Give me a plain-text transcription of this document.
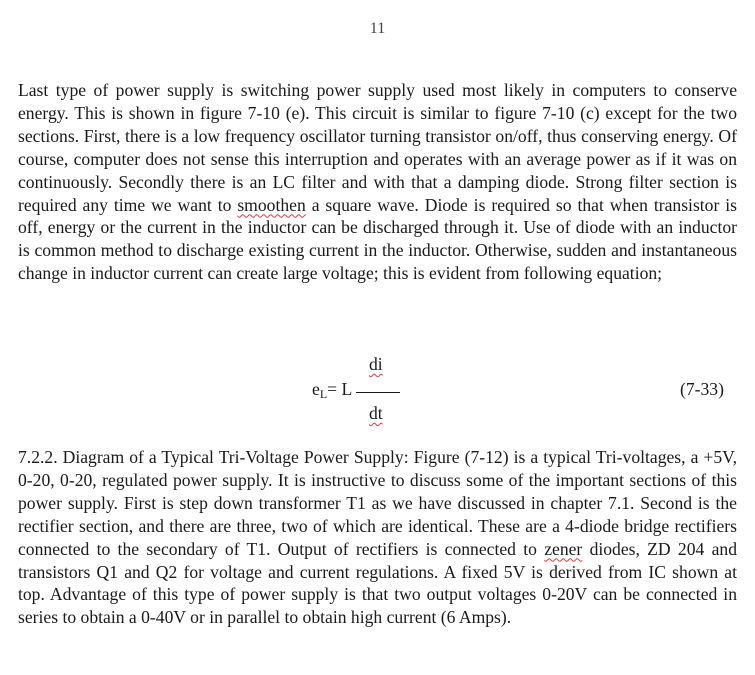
11

Last type of power supply is switching power supply used most likely in computers to conserve energy. This is shown in figure 7-10 (e). This circuit is similar to figure 7-10 (c) except for the two sections. First, there is a low frequency oscillator turning transistor on/off, thus conserving energy. Of course, computer does not sense this interruption and operates with an average power as if it was on continuously. Secondly there is an LC filter and with that a damping diode. Strong filter section is required any time we want to smoothen a square wave. Diode is required so that when transistor is off, energy or the current in the inductor can be discharged through it. Use of diode with an inductor is common method to discharge existing current in the inductor. Otherwise, sudden and instantaneous change in inductor current can create large voltage; this is evident from following equation;

eL= L
di
dt
(7-33)

7.2.2. Diagram of a Typical Tri-Voltage Power Supply: Figure (7-12) is a typical Tri-voltages, a +5V, 0-20, 0-20, regulated power supply. It is instructive to discuss some of the important sections of this power supply. First is step down transformer T1 as we have discussed in chapter 7.1. Second is the rectifier section, and there are three, two of which are identical. These are a 4-diode bridge rectifiers connected to the secondary of T1. Output of rectifiers is connected to zener diodes, ZD 204 and transistors Q1 and Q2 for voltage and current regulations. A fixed 5V is derived from IC shown at top. Advantage of this type of power supply is that two output voltages 0-20V can be connected in series to obtain a 0-40V or in parallel to obtain high current (6 Amps).
